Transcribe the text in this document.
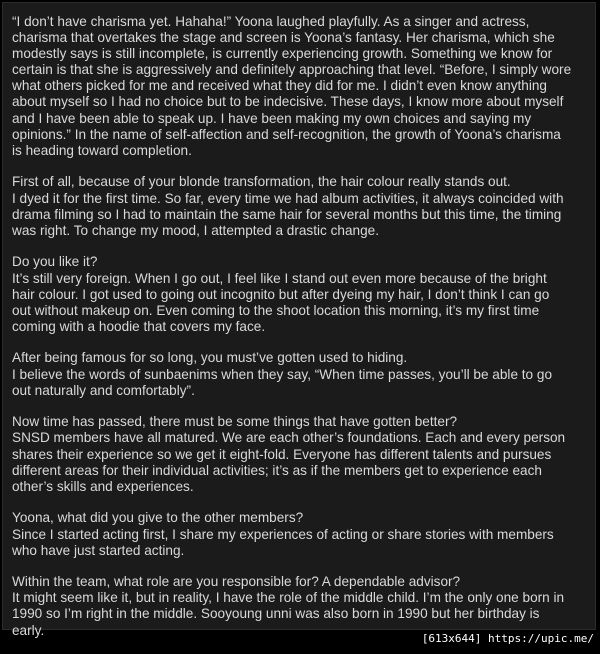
“I don’t have charisma yet. Hahaha!” Yoona laughed playfully. As a singer and actress,
charisma that overtakes the stage and screen is Yoona’s fantasy. Her charisma, which she
modestly says is still incomplete, is currently experiencing growth. Something we know for
certain is that she is aggressively and definitely approaching that level. “Before, I simply wore
what others picked for me and received what they did for me. I didn’t even know anything
about myself so I had no choice but to be indecisive. These days, I know more about myself
and I have been able to speak up. I have been making my own choices and saying my
opinions.” In the name of self-affection and self-recognition, the growth of Yoona’s charisma
is heading toward completion.

First of all, because of your blonde transformation, the hair colour really stands out.
I dyed it for the first time. So far, every time we had album activities, it always coincided with
drama filming so I had to maintain the same hair for several months but this time, the timing
was right. To change my mood, I attempted a drastic change.

Do you like it?
It’s still very foreign. When I go out, I feel like I stand out even more because of the bright
hair colour. I got used to going out incognito but after dyeing my hair, I don’t think I can go
out without makeup on. Even coming to the shoot location this morning, it’s my first time
coming with a hoodie that covers my face.

After being famous for so long, you must’ve gotten used to hiding.
I believe the words of sunbaenims when they say, “When time passes, you’ll be able to go
out naturally and comfortably”.

Now time has passed, there must be some things that have gotten better?
SNSD members have all matured. We are each other’s foundations. Each and every person
shares their experience so we get it eight-fold. Everyone has different talents and pursues
different areas for their individual activities; it’s as if the members get to experience each
other’s skills and experiences.

Yoona, what did you give to the other members?
Since I started acting first, I share my experiences of acting or share stories with members
who have just started acting.

Within the team, what role are you responsible for? A dependable advisor?
It might seem like it, but in reality, I have the role of the middle child. I’m the only one born in
1990 so I’m right in the middle. Sooyoung unni was also born in 1990 but her birthday is
early.

[613x644] https://upic.me/
